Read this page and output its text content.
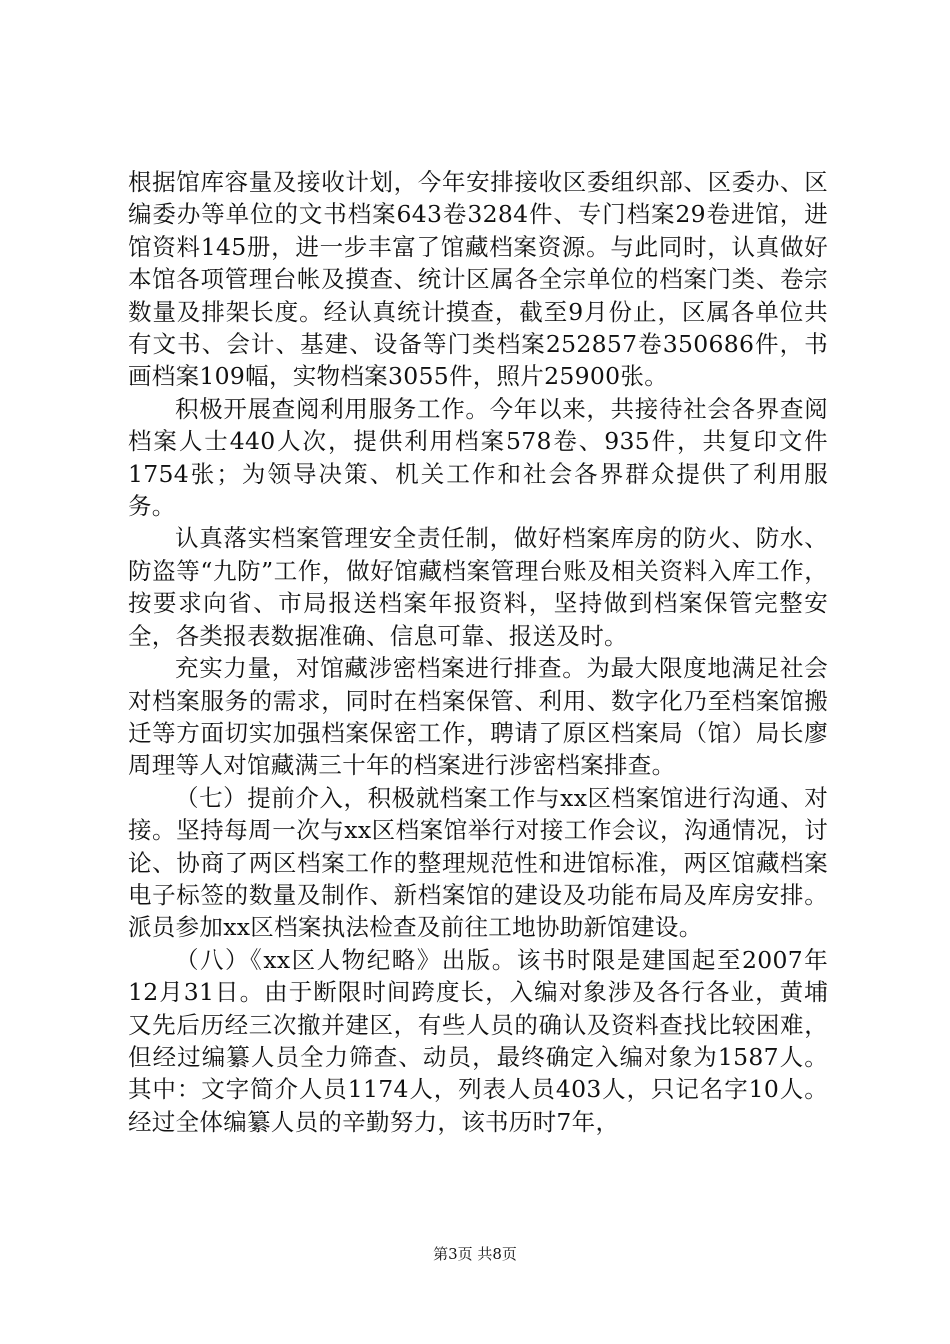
根据馆库容量及接收计划，今年安排接收区委组织部、区委办、区编委办等单位的文书档案643卷3284件、专门档案29卷进馆，进馆资料145册，进一步丰富了馆藏档案资源。与此同时，认真做好本馆各项管理台帐及摸查、统计区属各全宗单位的档案门类、卷宗数量及排架长度。经认真统计摸查，截至9月份止，区属各单位共有文书、会计、基建、设备等门类档案252857卷350686件，书画档案109幅，实物档案3055件，照片25900张。

积极开展查阅利用服务工作。今年以来，共接待社会各界查阅档案人士440人次，提供利用档案578卷、935件，共复印文件1754张；为领导决策、机关工作和社会各界群众提供了利用服务。

认真落实档案管理安全责任制，做好档案库房的防火、防水、防盗等“九防”工作，做好馆藏档案管理台账及相关资料入库工作，按要求向省、市局报送档案年报资料，坚持做到档案保管完整安全，各类报表数据准确、信息可靠、报送及时。

充实力量，对馆藏涉密档案进行排查。为最大限度地满足社会对档案服务的需求，同时在档案保管、利用、数字化乃至档案馆搬迁等方面切实加强档案保密工作，聘请了原区档案局（馆）局长廖周理等人对馆藏满三十年的档案进行涉密档案排查。

（七）提前介入，积极就档案工作与xx区档案馆进行沟通、对接。坚持每周一次与xx区档案馆举行对接工作会议，沟通情况，讨论、协商了两区档案工作的整理规范性和进馆标准，两区馆藏档案电子标签的数量及制作、新档案馆的建设及功能布局及库房安排。派员参加xx区档案执法检查及前往工地协助新馆建设。

（八）《xx区人物纪略》出版。该书时限是建国起至2007年12月31日。由于断限时间跨度长，入编对象涉及各行各业，黄埔又先后历经三次撤并建区，有些人员的确认及资料查找比较困难，但经过编纂人员全力筛查、动员，最终确定入编对象为1587人。其中：文字简介人员1174人，列表人员403人，只记名字10人。经过全体编纂人员的辛勤努力，该书历时7年，

第3页 共8页
